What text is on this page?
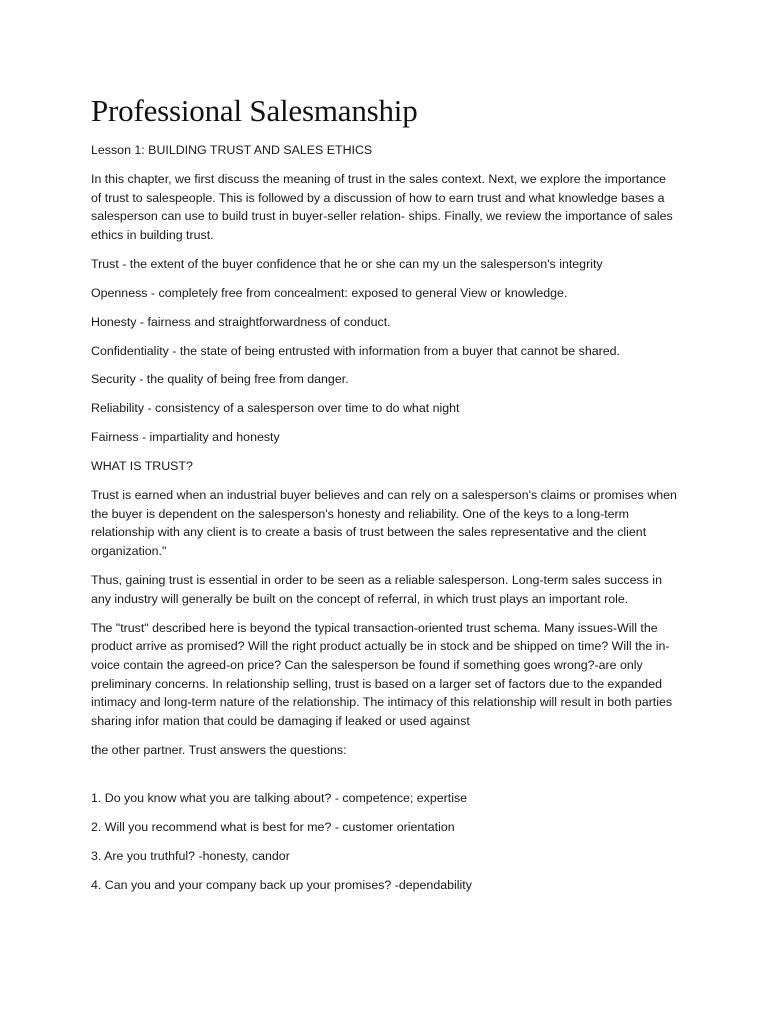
Professional Salesmanship

Lesson 1: BUILDING TRUST AND SALES ETHICS

In this chapter, we first discuss the meaning of trust in the sales context. Next, we explore the importance of trust to salespeople. This is followed by a discussion of how to earn trust and what knowledge bases a salesperson can use to build trust in buyer-seller relation- ships. Finally, we review the importance of sales ethics in building trust.

Trust - the extent of the buyer confidence that he or she can my un the salesperson's integrity

Openness - completely free from concealment: exposed to general View or knowledge.

Honesty - fairness and straightforwardness of conduct.

Confidentiality - the state of being entrusted with information from a buyer that cannot be shared.

Security - the quality of being free from danger.

Reliability - consistency of a salesperson over time to do what night

Fairness - impartiality and honesty

WHAT IS TRUST?

Trust is earned when an industrial buyer believes and can rely on a salesperson's claims or promises when the buyer is dependent on the salesperson's honesty and reliability. One of the keys to a long-term relationship with any client is to create a basis of trust between the sales representative and the client organization."

Thus, gaining trust is essential in order to be seen as a reliable salesperson. Long-term sales success in any industry will generally be built on the concept of referral, in which trust plays an important role.

The "trust" described here is beyond the typical transaction-oriented trust schema. Many issues-Will the product arrive as promised? Will the right product actually be in stock and be shipped on time? Will the in- voice contain the agreed-on price? Can the salesperson be found if something goes wrong?-are only preliminary concerns. In relationship selling, trust is based on a larger set of factors due to the expanded intimacy and long-term nature of the relationship. The intimacy of this relationship will result in both parties sharing infor mation that could be damaging if leaked or used against

the other partner. Trust answers the questions:

1. Do you know what you are talking about? - competence; expertise

2. Will you recommend what is best for me? - customer orientation

3. Are you truthful? -honesty, candor

4. Can you and your company back up your promises? -dependability
